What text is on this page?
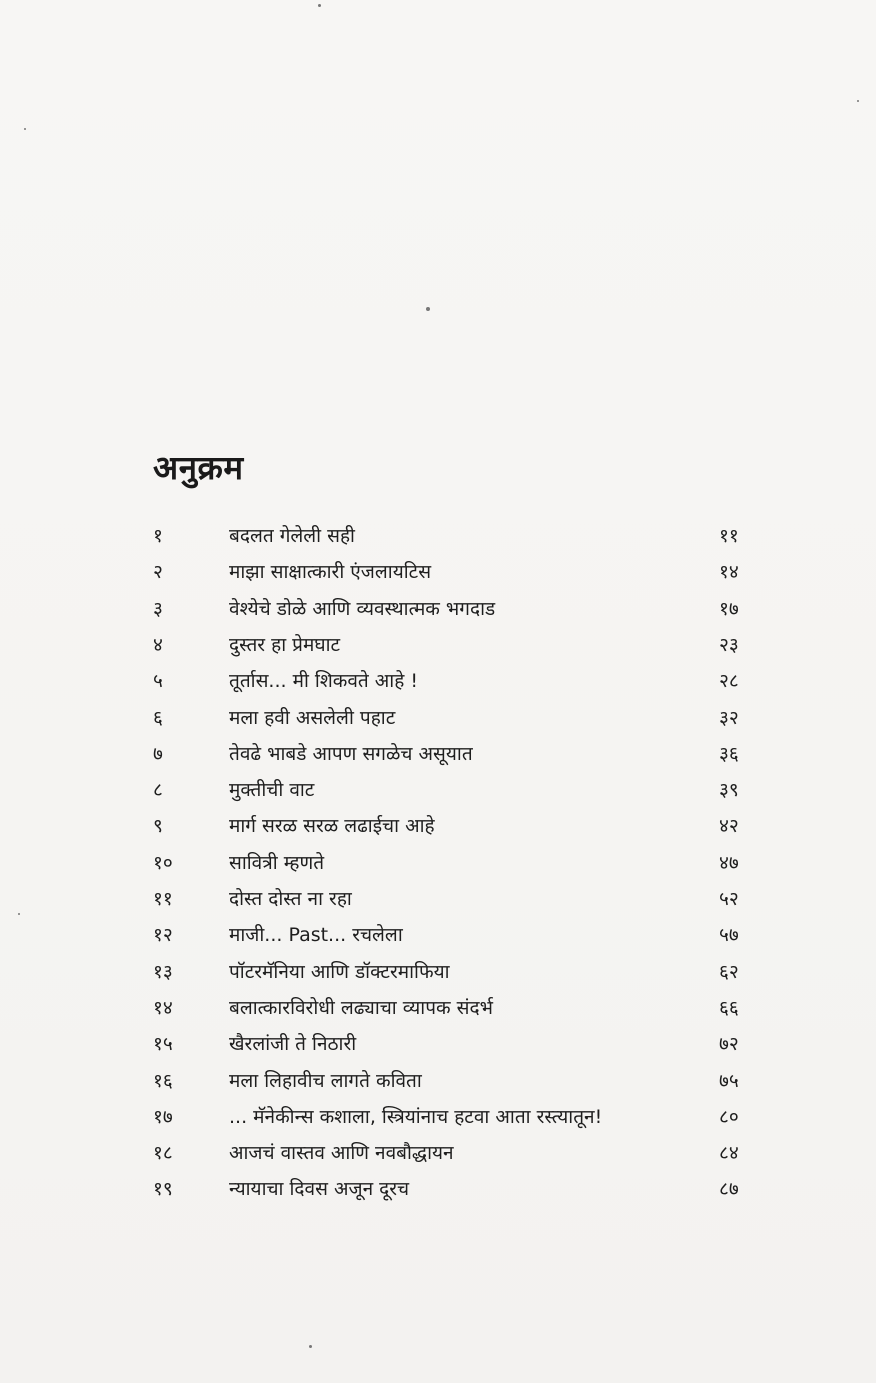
अनुक्रम
१	बदलत गेलेली सही	११
२	माझा साक्षात्कारी एंजलायटिस	१४
३	वेश्येचे डोळे आणि व्यवस्थात्मक भगदाड	१७
४	दुस्तर हा प्रेमघाट	२३
५	तूर्तास... मी शिकवते आहे !	२८
६	मला हवी असलेली पहाट	३२
७	तेवढे भाबडे आपण सगळेच असूयात	३६
८	मुक्तीची वाट	३९
९	मार्ग सरळ सरळ लढाईचा आहे	४२
१०	सावित्री म्हणते	४७
११	दोस्त दोस्त ना रहा	५२
१२	माजी... Past... रचलेला	५७
१३	पॉटरमॅनिया आणि डॉक्टरमाफिया	६२
१४	बलात्कारविरोधी लढ्याचा व्यापक संदर्भ	६६
१५	खैरलांजी ते निठारी	७२
१६	मला लिहावीच लागते कविता	७५
१७	... मॅनेकीन्स कशाला, स्त्रियांनाच हटवा आता रस्त्यातून!	८०
१८	आजचं वास्तव आणि नवबौद्धायन	८४
१९	न्यायाचा दिवस अजून दूरच	८७
